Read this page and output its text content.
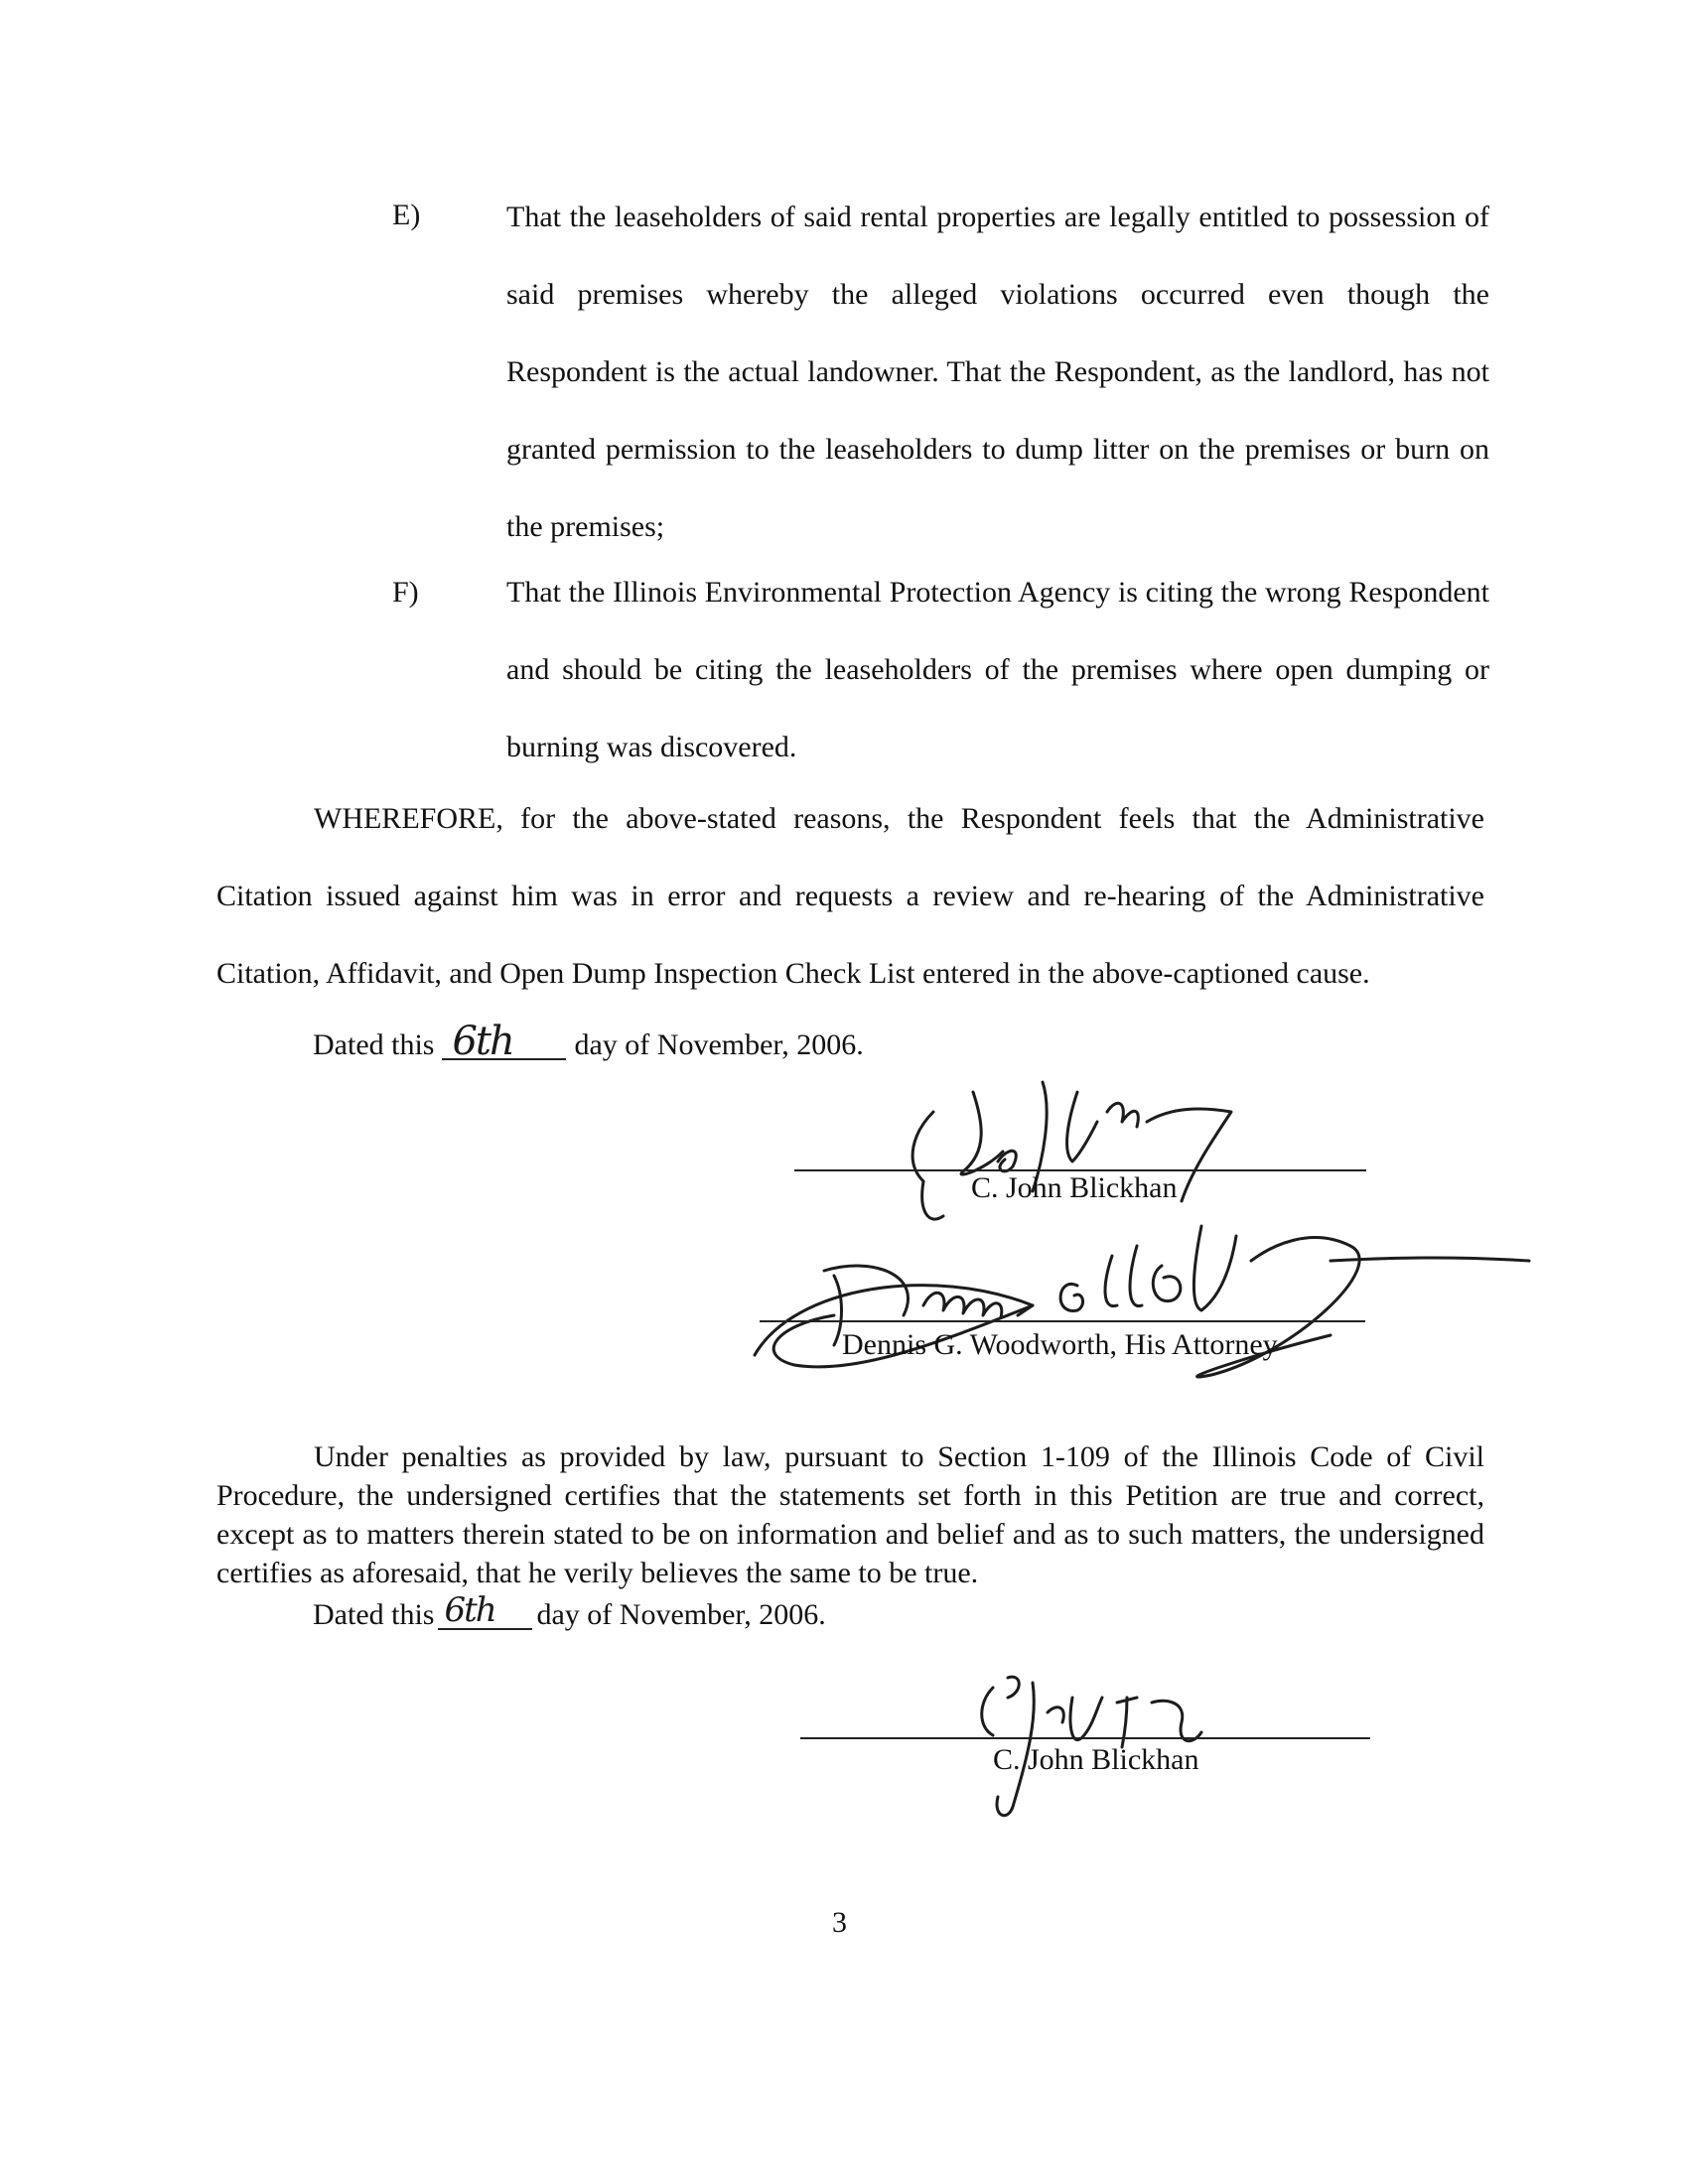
E)	That the leaseholders of said rental properties are legally entitled to possession of said premises whereby the alleged violations occurred even though the Respondent is the actual landowner. That the Respondent, as the landlord, has not granted permission to the leaseholders to dump litter on the premises or burn on the premises;
F)	That the Illinois Environmental Protection Agency is citing the wrong Respondent and should be citing the leaseholders of the premises where open dumping or burning was discovered.
WHEREFORE, for the above-stated reasons, the Respondent feels that the Administrative Citation issued against him was in error and requests a review and re-hearing of the Administrative Citation, Affidavit, and Open Dump Inspection Check List entered in the above-captioned cause.
Dated this 6th day of November, 2006.
C. John Blickhan
Dennis G. Woodworth, His Attorney
Under penalties as provided by law, pursuant to Section 1-109 of the Illinois Code of Civil Procedure, the undersigned certifies that the statements set forth in this Petition are true and correct, except as to matters therein stated to be on information and belief and as to such matters, the undersigned certifies as aforesaid, that he verily believes the same to be true.
Dated this 6th day of November, 2006.
C. John Blickhan
3
